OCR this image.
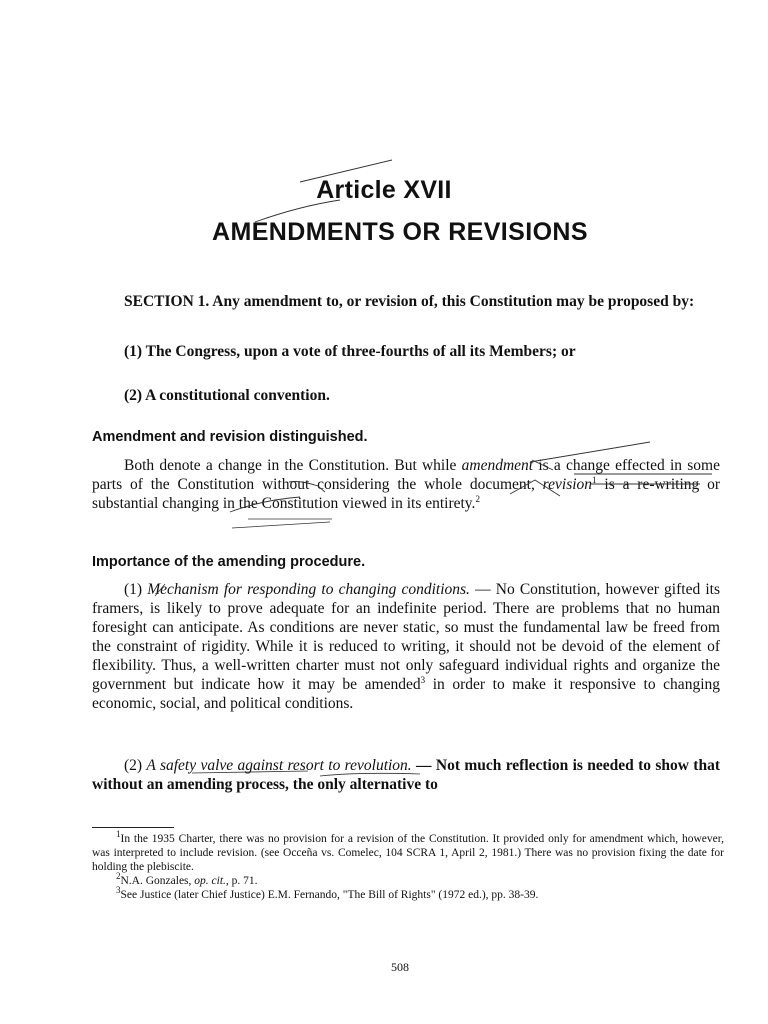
Article XVII
AMENDMENTS OR REVISIONS
SECTION 1. Any amendment to, or revision of, this Constitution may be proposed by:
(1) The Congress, upon a vote of three-fourths of all its Members; or
(2) A constitutional convention.
Amendment and revision distinguished.
Both denote a change in the Constitution. But while amendment is a change effected in some parts of the Constitution without considering the whole document, revision$^1$ is a re-writing or substantial changing in the Constitution viewed in its entirety.$^2$
Importance of the amending procedure.
(1) Mechanism for responding to changing conditions. — No Constitution, however gifted its framers, is likely to prove adequate for an indefinite period. There are problems that no human foresight can anticipate. As conditions are never static, so must the fundamental law be freed from the constraint of rigidity. While it is reduced to writing, it should not be devoid of the element of flexibility. Thus, a well-written charter must not only safeguard individual rights and organize the government but indicate how it may be amended$^3$ in order to make it responsive to changing economic, social, and political conditions.
(2) A safety valve against resort to revolution. — Not much reflection is needed to show that without an amending process, the only alternative to

$^1$In the 1935 Charter, there was no provision for a revision of the Constitution. It provided only for amendment which, however, was interpreted to include revision. (see Occeña vs. Comelec, 104 SCRA 1, April 2, 1981.) There was no provision fixing the date for holding the plebiscite.

$^2$N.A. Gonzales, op. cit., p. 71.

$^3$See Justice (later Chief Justice) E.M. Fernando, "The Bill of Rights" (1972 ed.), pp. 38-39.

508
